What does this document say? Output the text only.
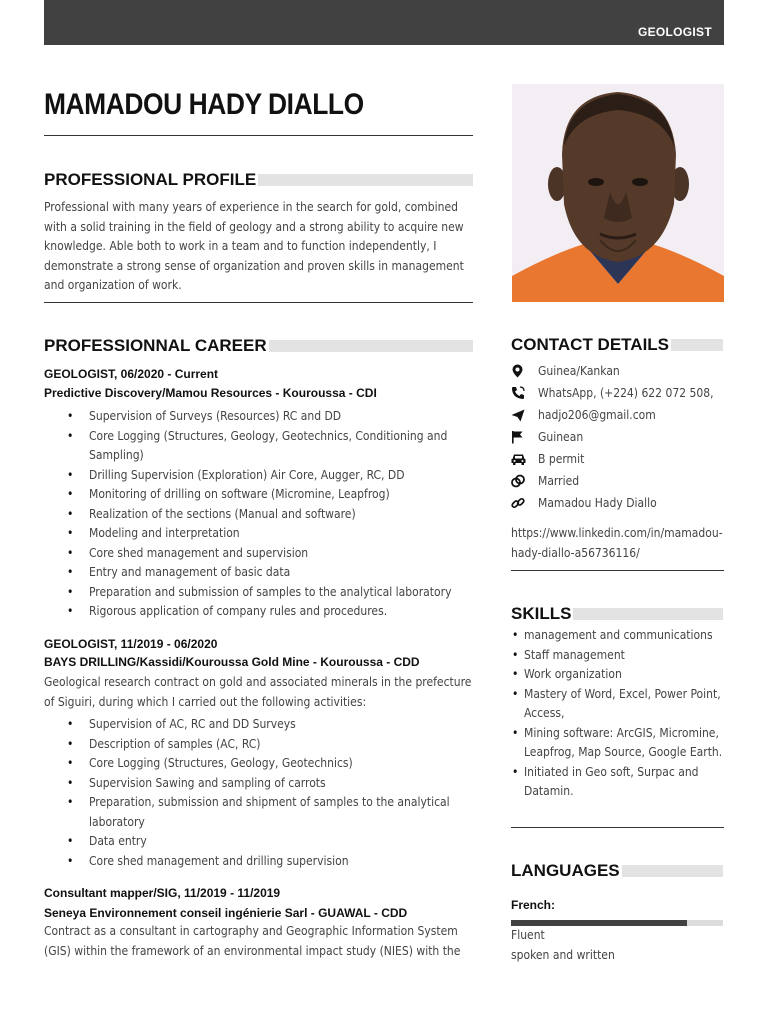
GEOLOGIST
MAMADOU HADY DIALLO
PROFESSIONAL PROFILE

Professional with many years of experience in the search for gold, combined with a solid training in the field of geology and a strong ability to acquire new knowledge. Able both to work in a team and to function independently, I demonstrate a strong sense of organization and proven skills in management and organization of work.

PROFESSIONNAL CAREER
GEOLOGIST, 06/2020 - Current
Predictive Discovery/Mamou Resources - Kouroussa - CDI
• Supervision of Surveys (Resources) RC and DD
• Core Logging (Structures, Geology, Geotechnics, Conditioning and Sampling)
• Drilling Supervision (Exploration) Air Core, Augger, RC, DD
• Monitoring of drilling on software (Micromine, Leapfrog)
• Realization of the sections (Manual and software)
• Modeling and interpretation
• Core shed management and supervision
• Entry and management of basic data
• Preparation and submission of samples to the analytical laboratory
• Rigorous application of company rules and procedures.
GEOLOGIST, 11/2019 - 06/2020
BAYS DRILLING/Kassidi/Kouroussa Gold Mine - Kouroussa - CDD

Geological research contract on gold and associated minerals in the prefecture of Siguiri, during which I carried out the following activities:

• Supervision of AC, RC and DD Surveys
• Description of samples (AC, RC)
• Core Logging (Structures, Geology, Geotechnics)
• Supervision Sawing and sampling of carrots
• Preparation, submission and shipment of samples to the analytical laboratory
• Data entry
• Core shed management and drilling supervision
Consultant mapper/SIG, 11/2019 - 11/2019
Seneya Environnement conseil ingénierie Sarl - GUAWAL - CDD

Contract as a consultant in cartography and Geographic Information System (GIS) within the framework of an environmental impact study (NIES) with the

CONTACT DETAILS
Guinea/Kankan
WhatsApp, (+224) 622 072 508,
hadjo206@gmail.com
Guinean
B permit
Married
Mamadou Hady Diallo
https://www.linkedin.com/in/mamadou-hady-diallo-a56736116/
SKILLS
• management and communications
• Staff management
• Work organization
• Mastery of Word, Excel, Power Point, Access,
• Mining software: ArcGIS, Micromine, Leapfrog, Map Source, Google Earth.
• Initiated in Geo soft, Surpac and Datamin.
LANGUAGES
French:
Fluent
spoken and written
